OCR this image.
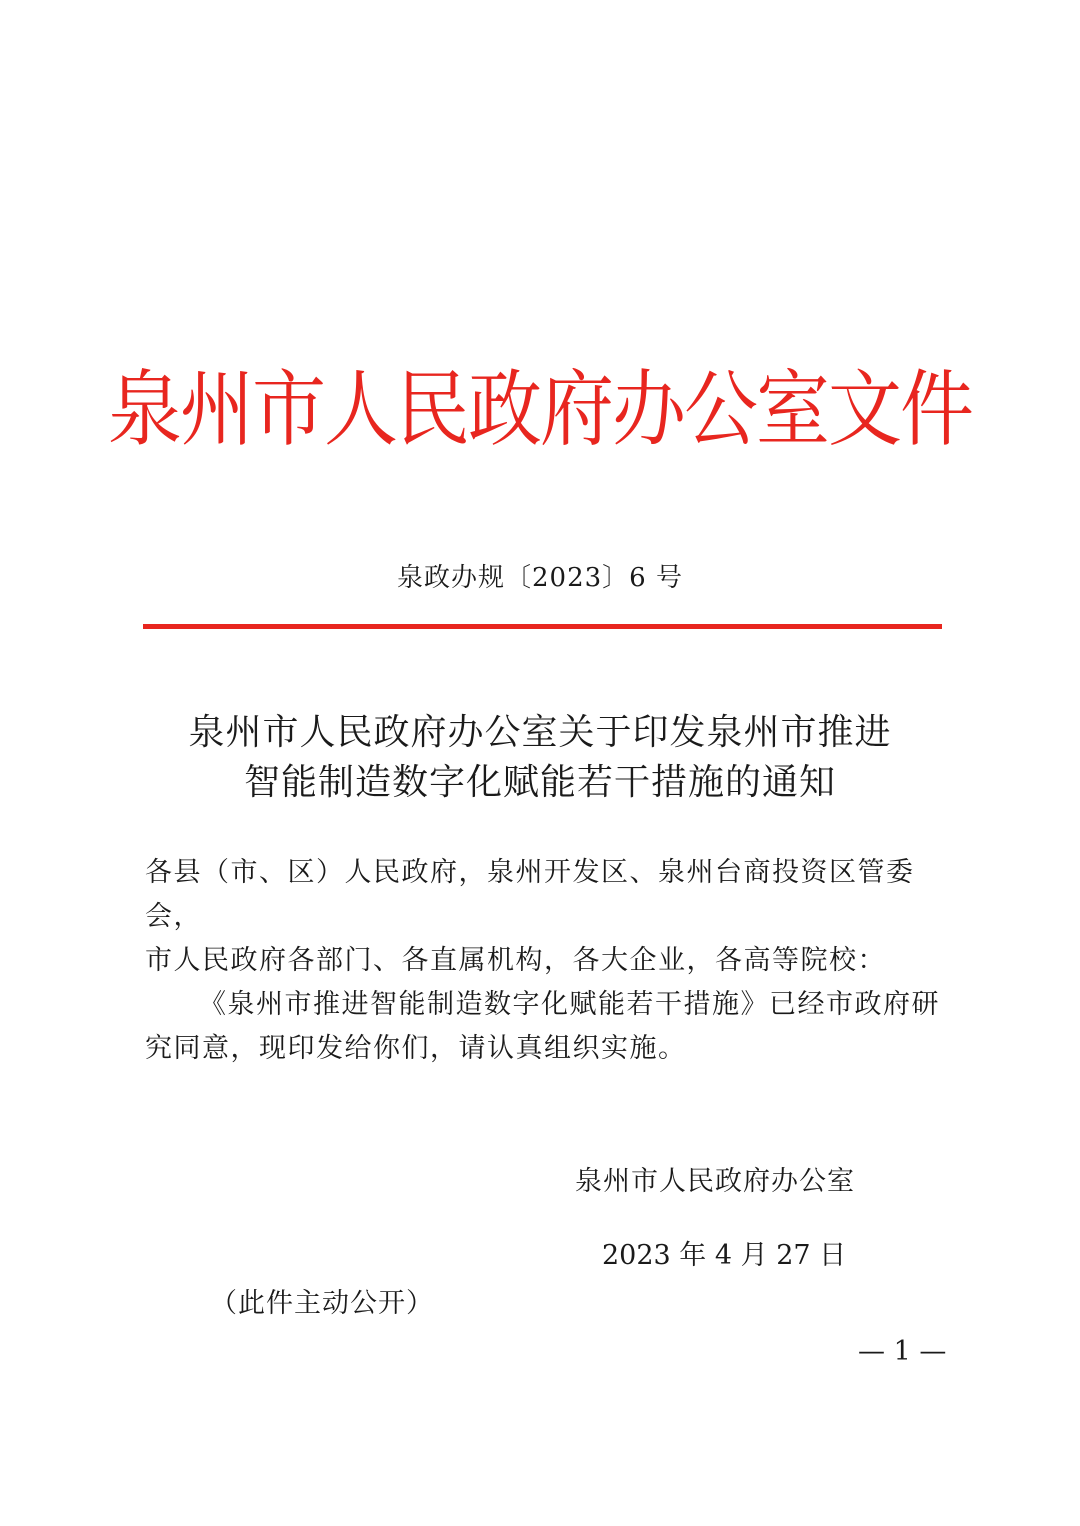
泉州市人民政府办公室文件
泉政办规〔2023〕6 号
泉州市人民政府办公室关于印发泉州市推进
智能制造数字化赋能若干措施的通知

各县（市、区）人民政府，泉州开发区、泉州台商投资区管委会，

市人民政府各部门、各直属机构，各大企业，各高等院校：

《泉州市推进智能制造数字化赋能若干措施》已经市政府研究同意，现印发给你们，请认真组织实施。

泉州市人民政府办公室
2023 年 4 月 27 日
（此件主动公开）
— 1 —
